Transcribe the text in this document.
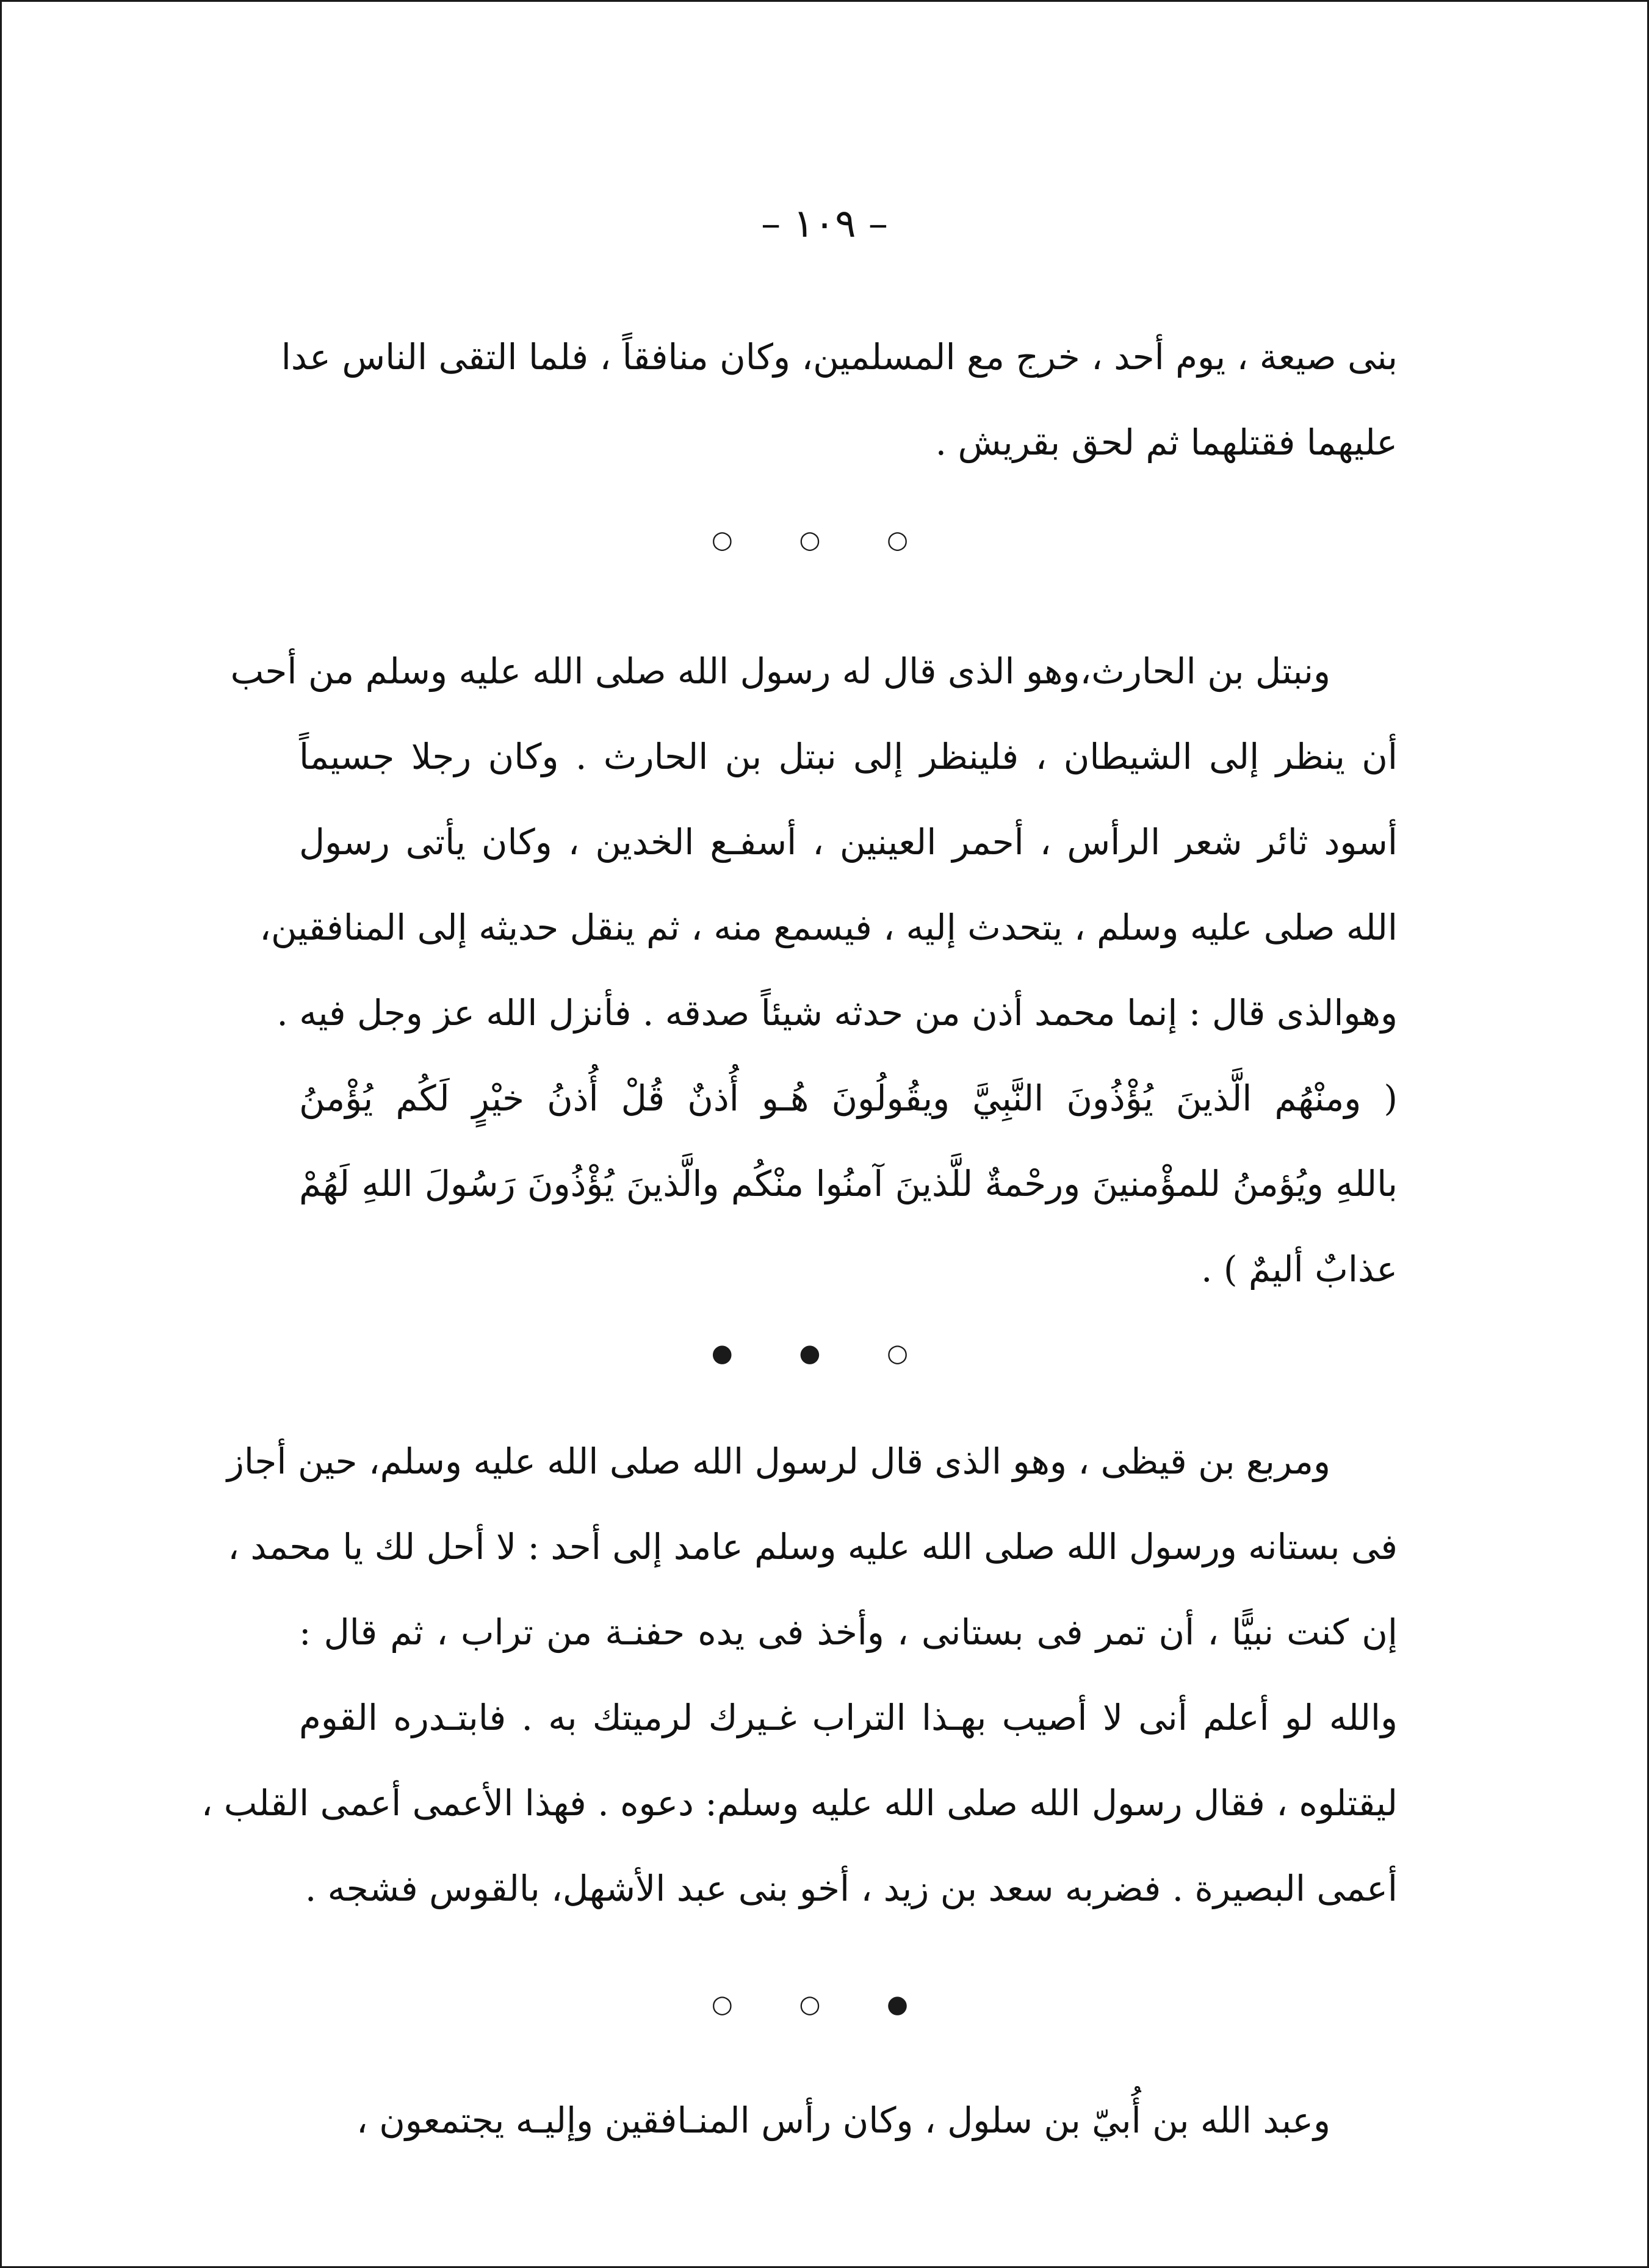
– ١٠٩ –
بنى صيعة ، يوم أحد ، خرج مع المسلمين، وكان منافقاً ، فلما التقى الناس عدا
عليهما فقتلهما ثم لحق بقريش .
○ ○ ○
ونبتل بن الحارث،وهو الذى قال له رسول الله صلى الله عليه وسلم من أحب
أن ينظر إلى الشيطان ، فلينظر إلى نبتل بن الحارث . وكان رجلا جسيماً
أسود ثائر شعر الرأس ، أحمر العينين ، أسفـع الخدين ، وكان يأتى رسول
الله صلى عليه وسلم ، يتحدث إليه ، فيسمع منه ، ثم ينقل حديثه إلى المنافقين،
وهوالذى قال : إنما محمد أذن من حدثه شيئاً صدقه . فأنزل الله عز وجل فيه .
( ومنْهُم الَّذينَ يُؤْذُونَ النَّبِيَّ ويقُولُونَ هُـو أُذنٌ قُلْ أُذنُ خيْرٍ لَكُم يُؤْمنُ
باللهِ ويُؤمنُ للمؤْمنينَ ورحْمةٌ للَّذينَ آمنُوا منْكُم والَّذينَ يُؤْذُونَ رَسُولَ اللهِ لَهُمْ
عذابٌ أليمٌ ) .
● ● ○
ومربع بن قيظى ، وهو الذى قال لرسول الله صلى الله عليه وسلم، حين أجاز
فى بستانه ورسول الله صلى الله عليه وسلم عامد إلى أحد : لا أحل لك يا محمد ،
إن كنت نبيًّا ، أن تمر فى بستانى ، وأخذ فى يده حفنـة من تراب ، ثم قال :
والله لو أعلم أنى لا أصيب بهـذا التراب غـيرك لرميتك به . فابتـدره القوم
ليقتلوه ، فقال رسول الله صلى الله عليه وسلم: دعوه . فهذا الأعمى أعمى القلب ،
أعمى البصيرة . فضربه سعد بن زيد ، أخو بنى عبد الأشهل، بالقوس فشجه .
○ ○ ●
وعبد الله بن أُبيّ بن سلول ، وكان رأس المنـافقين وإليـه يجتمعون ،
